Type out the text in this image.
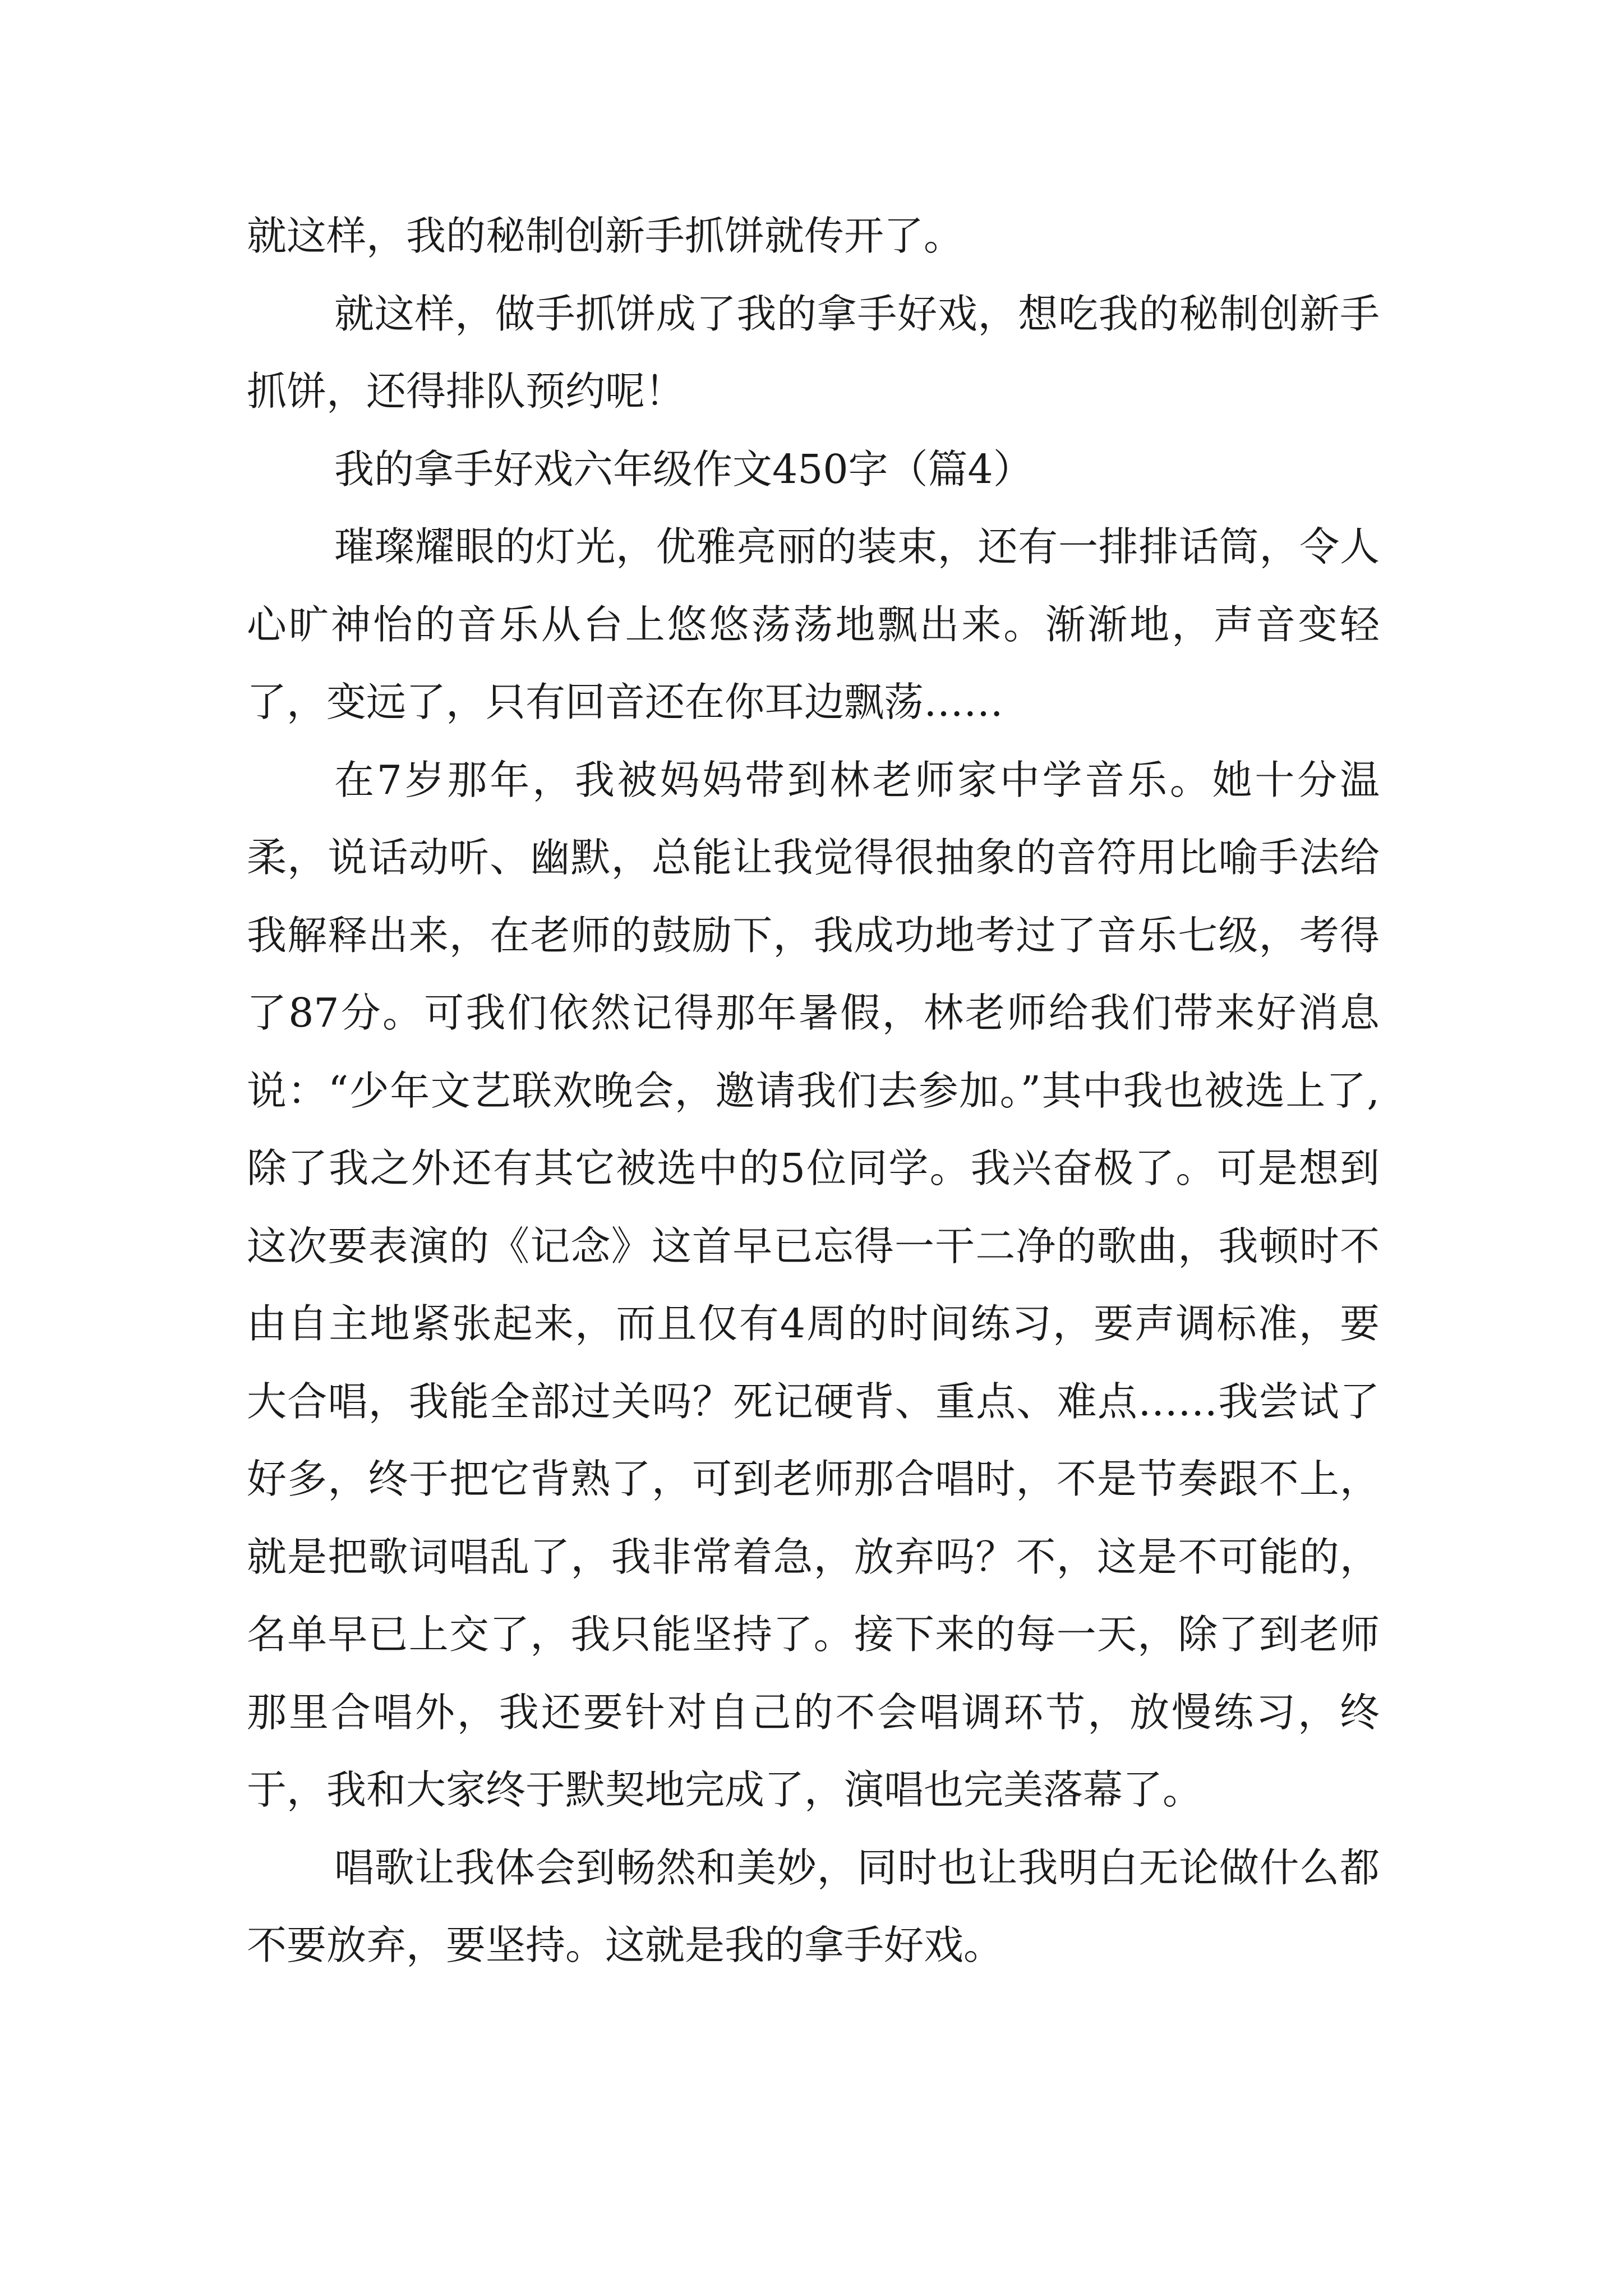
就这样，我的秘制创新手抓饼就传开了。

就这样，做手抓饼成了我的拿手好戏，想吃我的秘制创新手抓饼，还得排队预约呢！

我的拿手好戏六年级作文450字（篇4）

璀璨耀眼的灯光，优雅亮丽的装束，还有一排排话筒，令人心旷神怡的音乐从台上悠悠荡荡地飘出来。渐渐地，声音变轻了，变远了，只有回音还在你耳边飘荡……

在7岁那年，我被妈妈带到林老师家中学音乐。她十分温柔，说话动听、幽默，总能让我觉得很抽象的音符用比喻手法给我解释出来，在老师的鼓励下，我成功地考过了音乐七级，考得了87分。可我们依然记得那年暑假，林老师给我们带来好消息说：“少年文艺联欢晚会，邀请我们去参加。”其中我也被选上了,除了我之外还有其它被选中的5位同学。我兴奋极了。可是想到这次要表演的《记念》这首早已忘得一干二净的歌曲，我顿时不由自主地紧张起来，而且仅有4周的时间练习，要声调标准，要大合唱，我能全部过关吗？死记硬背、重点、难点……我尝试了好多，终于把它背熟了，可到老师那合唱时，不是节奏跟不上，就是把歌词唱乱了，我非常着急，放弃吗？不，这是不可能的，名单早已上交了，我只能坚持了。接下来的每一天，除了到老师那里合唱外，我还要针对自己的不会唱调环节，放慢练习，终于，我和大家终于默契地完成了，演唱也完美落幕了。

唱歌让我体会到畅然和美妙，同时也让我明白无论做什么都不要放弃，要坚持。这就是我的拿手好戏。
